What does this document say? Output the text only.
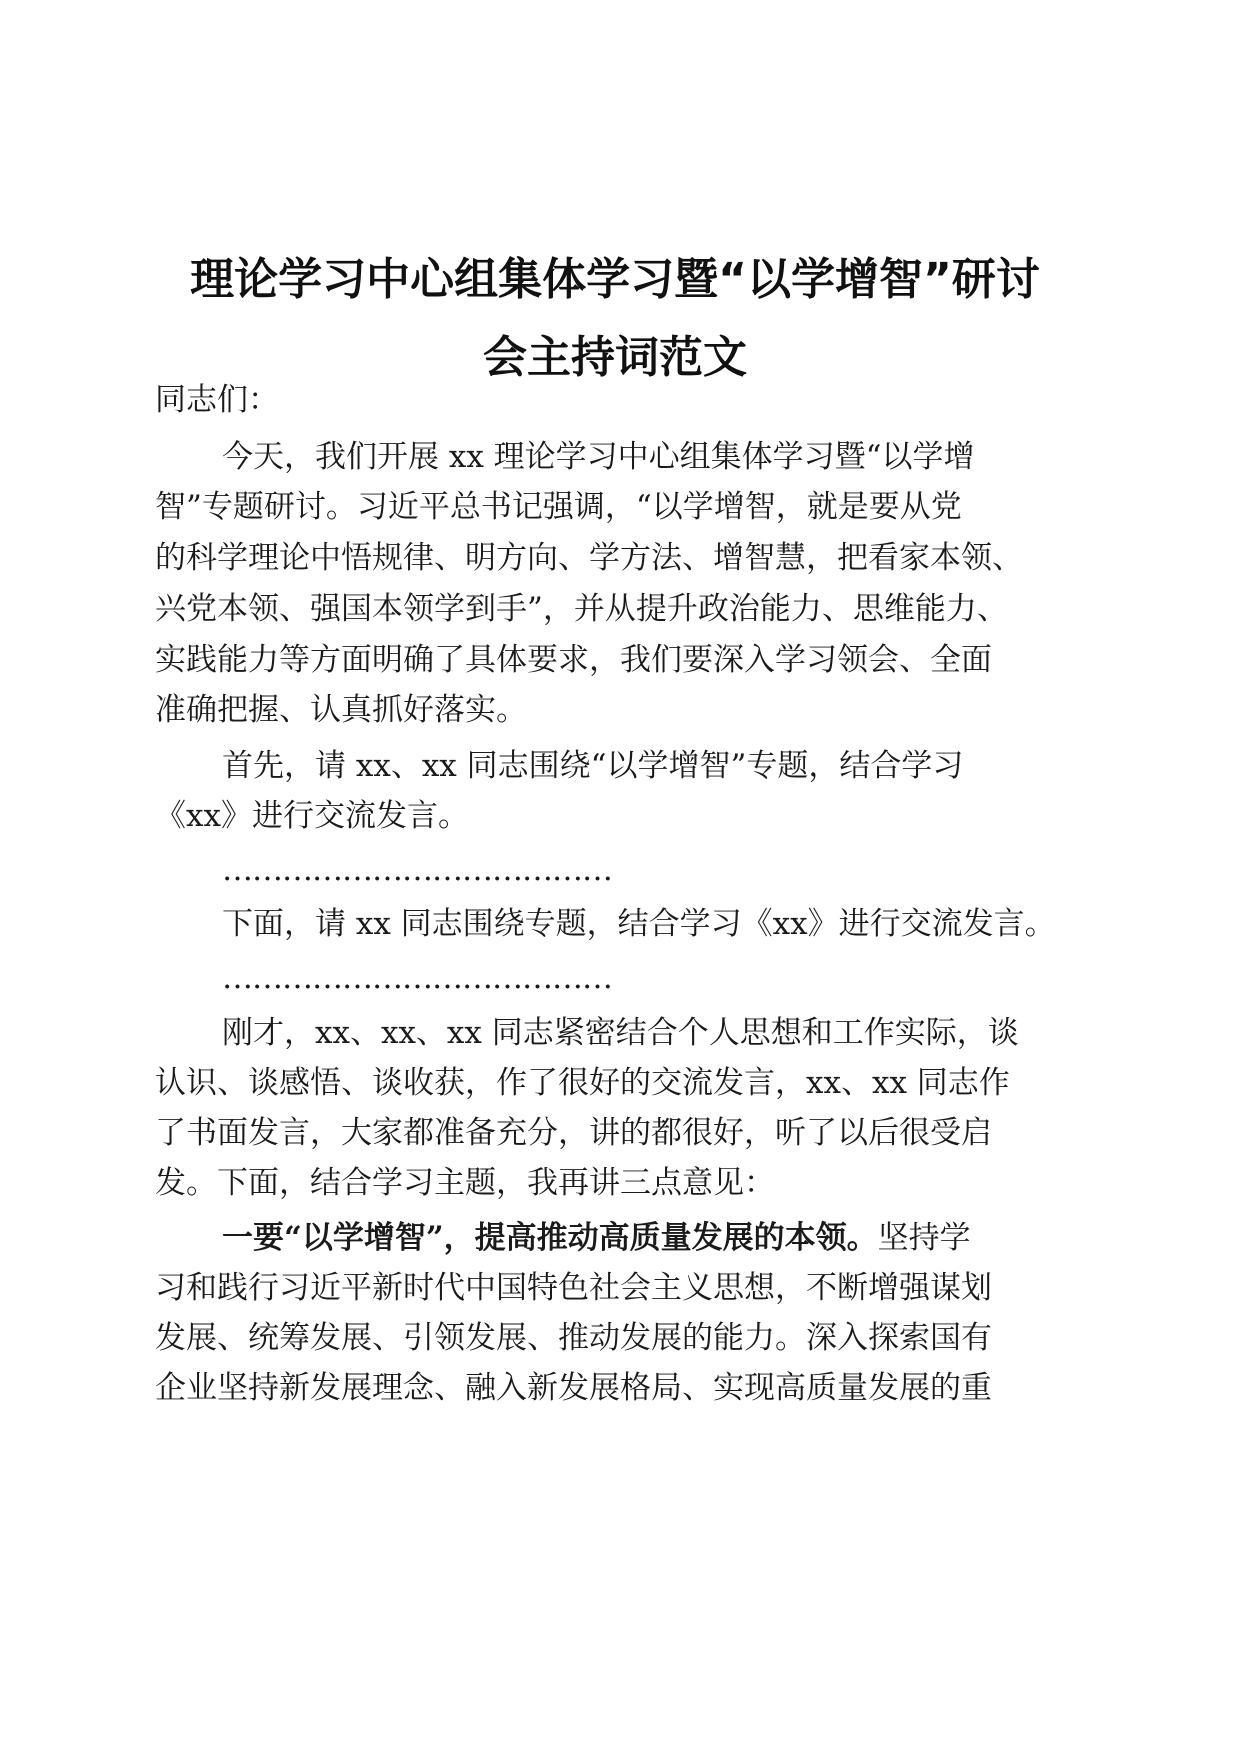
理论学习中心组集体学习暨“以学增智”研讨
会主持词范文
同志们：
今天，我们开展 xx 理论学习中心组集体学习暨“以学增
智”专题研讨。习近平总书记强调，“以学增智，就是要从党
的科学理论中悟规律、明方向、学方法、增智慧，把看家本领、
兴党本领、强国本领学到手”，并从提升政治能力、思维能力、
实践能力等方面明确了具体要求，我们要深入学习领会、全面
准确把握、认真抓好落实。
首先，请 xx、xx 同志围绕“以学增智”专题，结合学习
《xx》进行交流发言。
…………………………………
下面，请 xx 同志围绕专题，结合学习《xx》进行交流发言。
…………………………………
刚才，xx、xx、xx 同志紧密结合个人思想和工作实际，谈
认识、谈感悟、谈收获，作了很好的交流发言，xx、xx 同志作
了书面发言，大家都准备充分，讲的都很好，听了以后很受启
发。下面，结合学习主题，我再讲三点意见：
一要“以学增智”，提高推动高质量发展的本领。坚持学
习和践行习近平新时代中国特色社会主义思想，不断增强谋划
发展、统筹发展、引领发展、推动发展的能力。深入探索国有
企业坚持新发展理念、融入新发展格局、实现高质量发展的重
